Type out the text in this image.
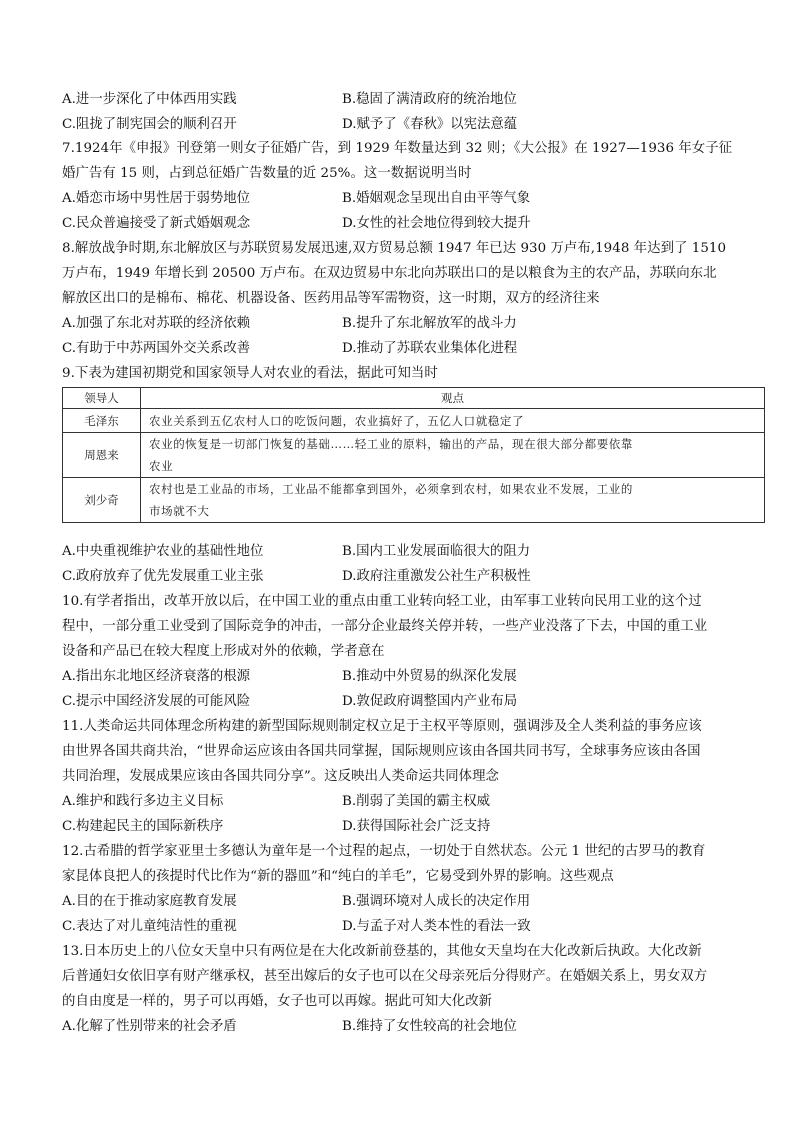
A.进一步深化了中体西用实践	B.稳固了满清政府的统治地位
C.阻拢了制宪国会的顺利召开	D.赋予了《春秋》以宪法意蕴
7.1924年《申报》刊登第一则女子征婚广告，到 1929 年数量达到 32 则；《大公报》在 1927—1936 年女子征
婚广告有 15 则，占到总征婚广告数量的近 25%。这一数据说明当时
A.婚恋市场中男性居于弱势地位	B.婚姻观念呈现出自由平等气象
C.民众普遍接受了新式婚姻观念	D.女性的社会地位得到较大提升
8.解放战争时期,东北解放区与苏联贸易发展迅速,双方贸易总额 1947 年已达 930 万卢布,1948 年达到了 1510
万卢布，1949 年增长到 20500 万卢布。在双边贸易中东北向苏联出口的是以粮食为主的农产品，苏联向东北
解放区出口的是棉布、棉花、机器设备、医药用品等军需物资，这一时期，双方的经济往来
A.加强了东北对苏联的经济依赖	B.提升了东北解放军的战斗力
C.有助于中苏两国外交关系改善	D.推动了苏联农业集体化进程
9.下表为建国初期党和国家领导人对农业的看法，据此可知当时
领导人	观点
毛泽东	农业关系到五亿农村人口的吃饭问题，农业搞好了，五亿人口就稳定了
周恩来	农业的恢复是一切部门恢复的基础……轻工业的原料，输出的产品，现在很大部分都要依靠
农业
刘少奇	农村也是工业品的市场，工业品不能都拿到国外，必须拿到农村，如果农业不发展，工业的
市场就不大
A.中央重视维护农业的基础性地位	B.国内工业发展面临很大的阻力
C.政府放弃了优先发展重工业主张	D.政府注重激发公社生产积极性
10.有学者指出，改革开放以后，在中国工业的重点由重工业转向轻工业，由军事工业转向民用工业的这个过
程中，一部分重工业受到了国际竞争的冲击，一部分企业最终关停并转，一些产业没落了下去，中国的重工业
设备和产品已在较大程度上形成对外的依赖，学者意在
A.指出东北地区经济衰落的根源	B.推动中外贸易的纵深化发展
C.提示中国经济发展的可能风险	D.敦促政府调整国内产业布局
11.人类命运共同体理念所构建的新型国际规则制定权立足于主权平等原则，强调涉及全人类利益的事务应该
由世界各国共商共治，“世界命运应该由各国共同掌握，国际规则应该由各国共同书写，全球事务应该由各国
共同治理，发展成果应该由各国共同分享”。这反映出人类命运共同体理念
A.维护和践行多边主义目标	B.削弱了美国的霸主权威
C.构建起民主的国际新秩序	D.获得国际社会广泛支持
12.古希腊的哲学家亚里士多德认为童年是一个过程的起点，一切处于自然状态。公元 1 世纪的古罗马的教育
家昆体良把人的孩提时代比作为“新的器皿”和“纯白的羊毛”，它易受到外界的影响。这些观点
A.目的在于推动家庭教育发展	B.强调环境对人成长的决定作用
C.表达了对儿童纯洁性的重视	D.与孟子对人类本性的看法一致
13.日本历史上的八位女天皇中只有两位是在大化改新前登基的，其他女天皇均在大化改新后执政。大化改新
后普通妇女依旧享有财产继承权，甚至出嫁后的女子也可以在父母亲死后分得财产。在婚姻关系上，男女双方
的自由度是一样的，男子可以再婚，女子也可以再嫁。据此可知大化改新
A.化解了性别带来的社会矛盾	B.维持了女性较高的社会地位
